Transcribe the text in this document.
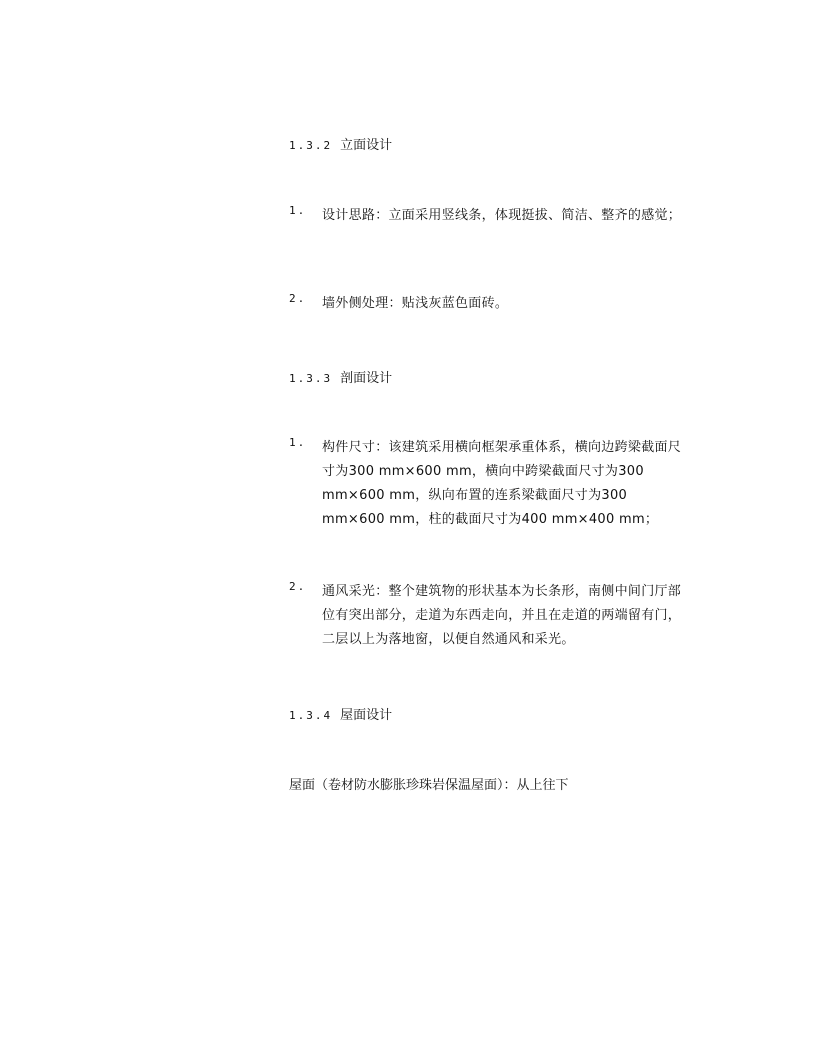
1.3.2 立面设计
1. 设计思路：立面采用竖线条，体现挺拔、简洁、整齐的感觉；
2. 墙外侧处理：贴浅灰蓝色面砖。
1.3.3 剖面设计
1. 构件尺寸：该建筑采用横向框架承重体系，横向边跨梁截面尺寸为300 mm×600 mm，横向中跨梁截面尺寸为300 mm×600 mm，纵向布置的连系梁截面尺寸为300 mm×600 mm，柱的截面尺寸为400 mm×400 mm；
2. 通风采光：整个建筑物的形状基本为长条形，南侧中间门厅部位有突出部分，走道为东西走向，并且在走道的两端留有门，二层以上为落地窗，以便自然通风和采光。
1.3.4 屋面设计
屋面（卷材防水膨胀珍珠岩保温屋面）：从上往下
